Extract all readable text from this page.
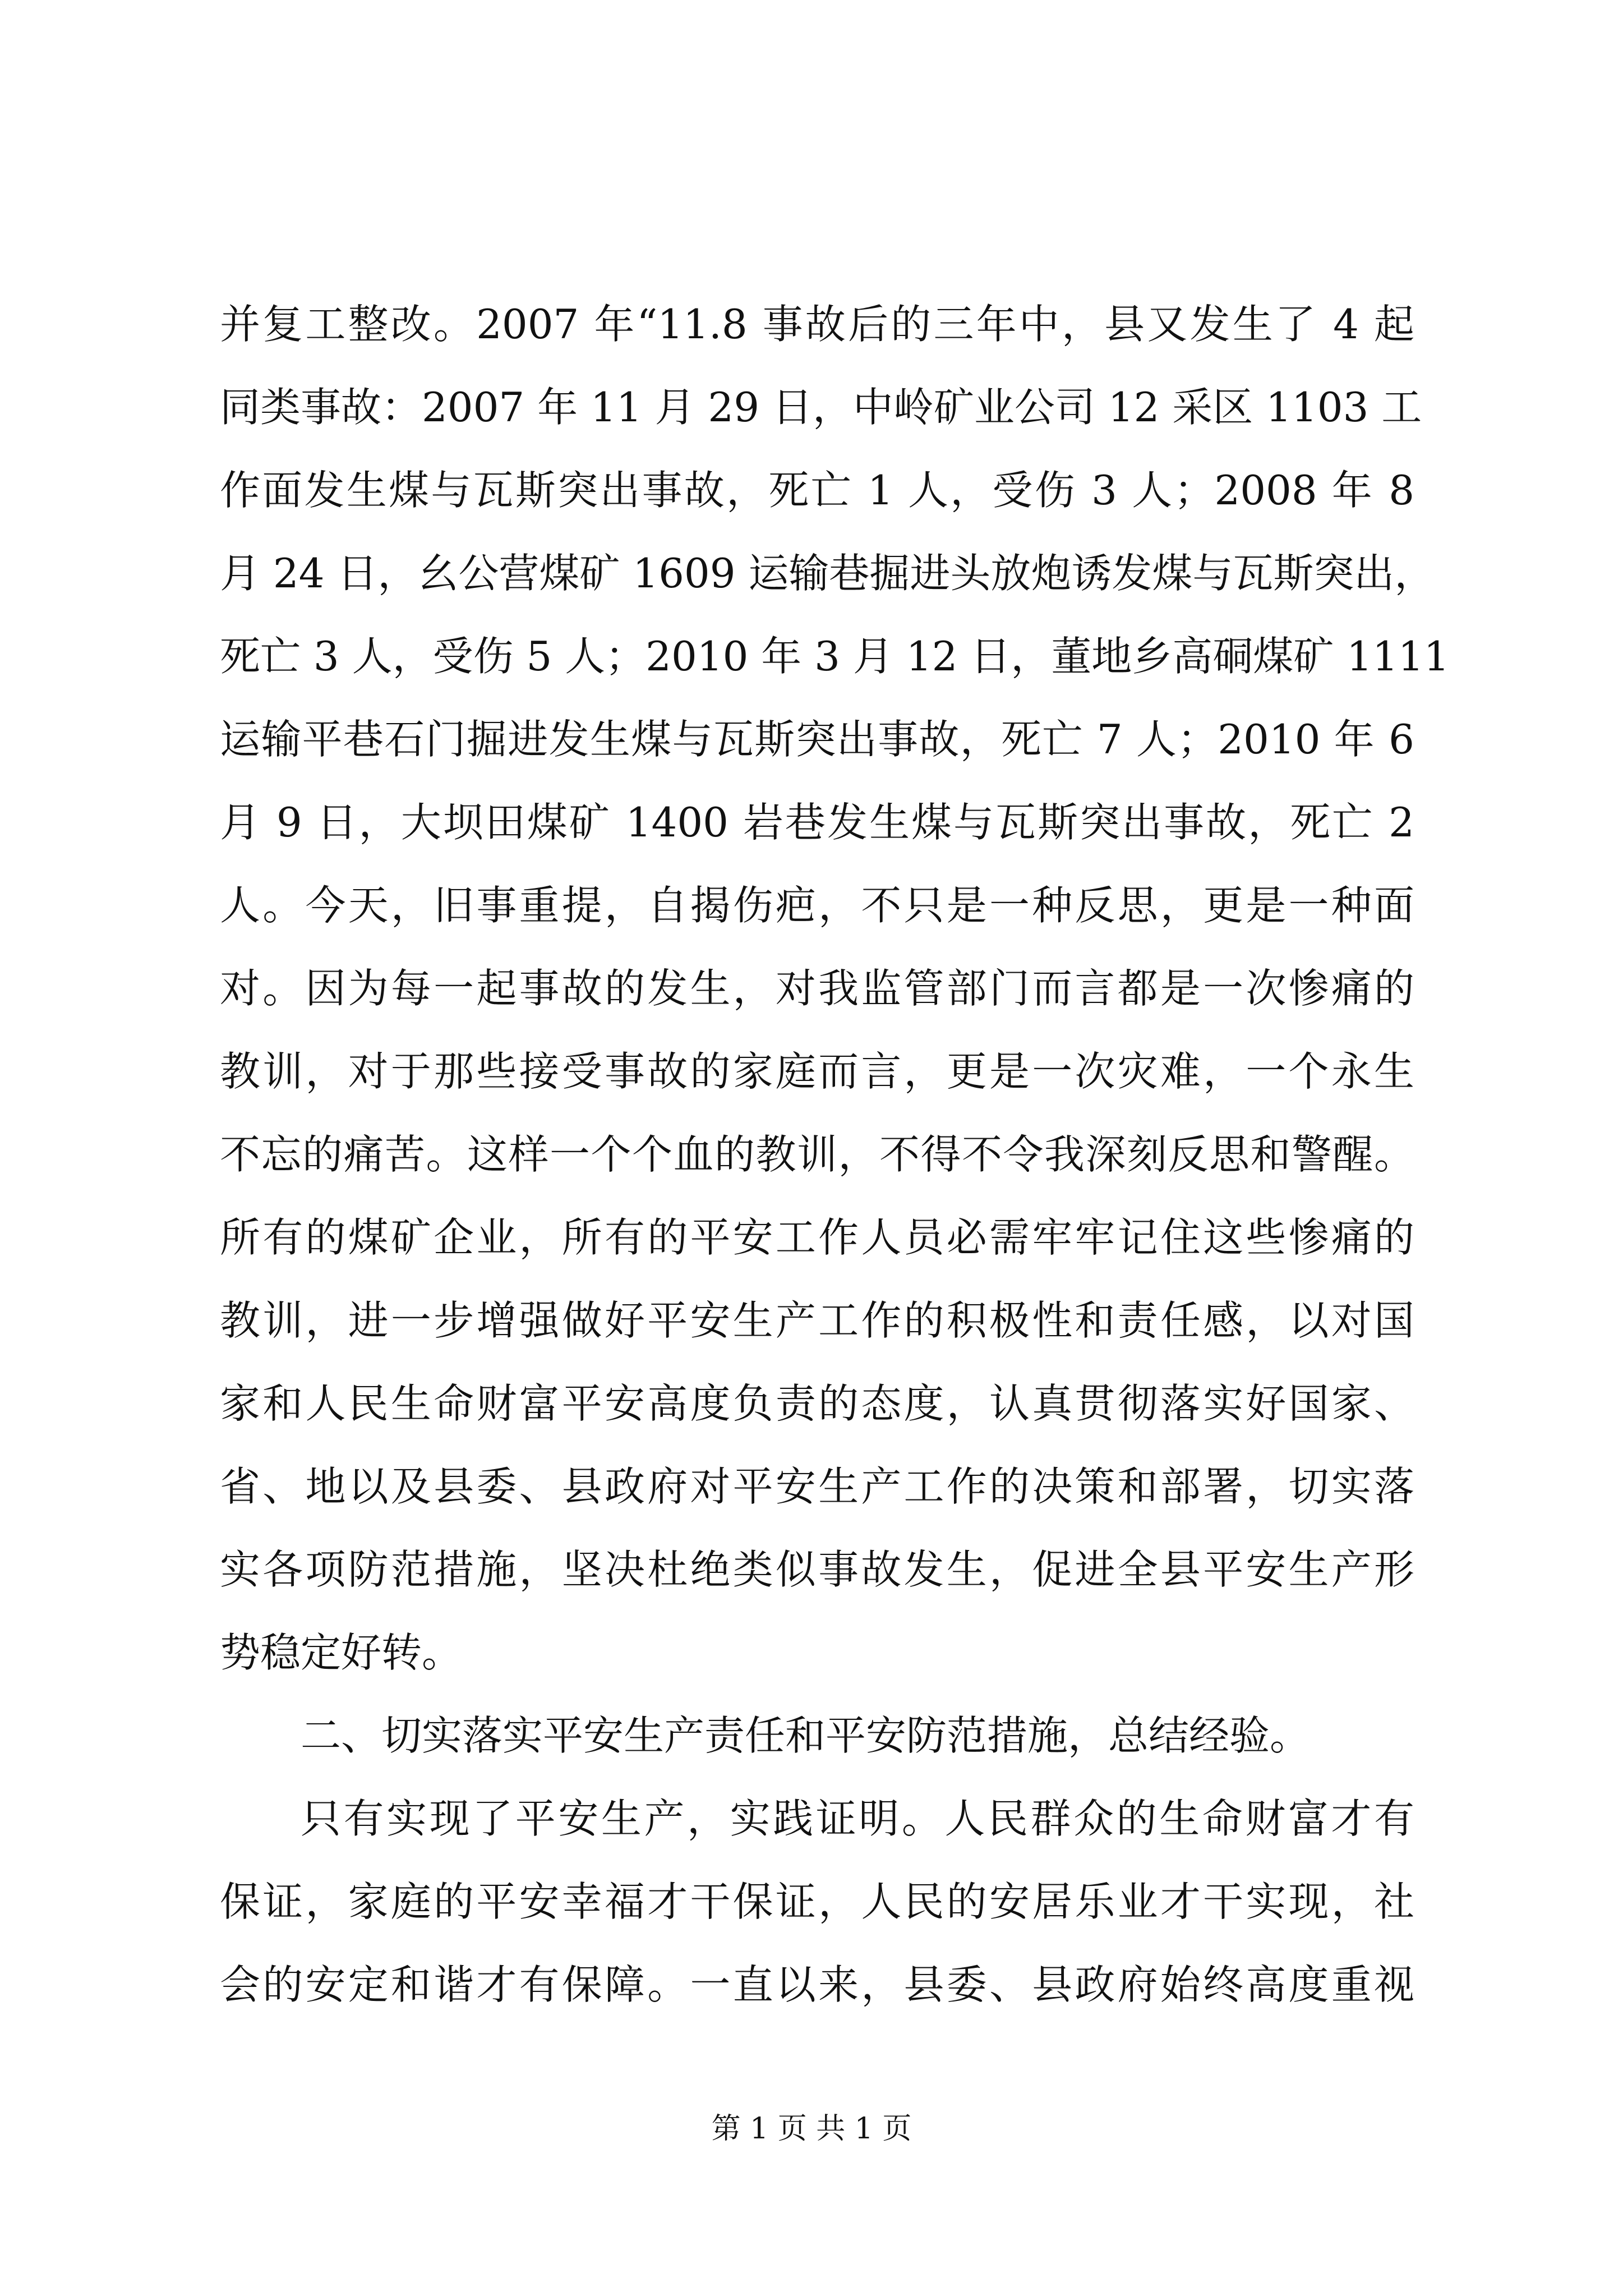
并复工整改。2007 年“11.8 事故后的三年中，县又发生了 4 起
同类事故：2007 年 11 月 29 日，中岭矿业公司 12 采区 1103 工
作面发生煤与瓦斯突出事故，死亡 1 人，受伤 3 人；2008 年 8
月 24 日，幺公营煤矿 1609 运输巷掘进头放炮诱发煤与瓦斯突出，
死亡 3 人，受伤 5 人；2010 年 3 月 12 日，董地乡高硐煤矿 1111
运输平巷石门掘进发生煤与瓦斯突出事故，死亡 7 人；2010 年 6
月 9 日，大坝田煤矿 1400 岩巷发生煤与瓦斯突出事故，死亡 2
人。今天，旧事重提，自揭伤疤，不只是一种反思，更是一种面
对。因为每一起事故的发生，对我监管部门而言都是一次惨痛的
教训，对于那些接受事故的家庭而言，更是一次灾难，一个永生
不忘的痛苦。这样一个个血的教训，不得不令我深刻反思和警醒。
所有的煤矿企业，所有的平安工作人员必需牢牢记住这些惨痛的
教训，进一步增强做好平安生产工作的积极性和责任感，以对国
家和人民生命财富平安高度负责的态度，认真贯彻落实好国家、
省、地以及县委、县政府对平安生产工作的决策和部署，切实落
实各项防范措施，坚决杜绝类似事故发生，促进全县平安生产形
势稳定好转。
二、切实落实平安生产责任和平安防范措施，总结经验。
只有实现了平安生产，实践证明。人民群众的生命财富才有
保证，家庭的平安幸福才干保证，人民的安居乐业才干实现，社
会的安定和谐才有保障。一直以来，县委、县政府始终高度重视
第 1 页 共 1 页
